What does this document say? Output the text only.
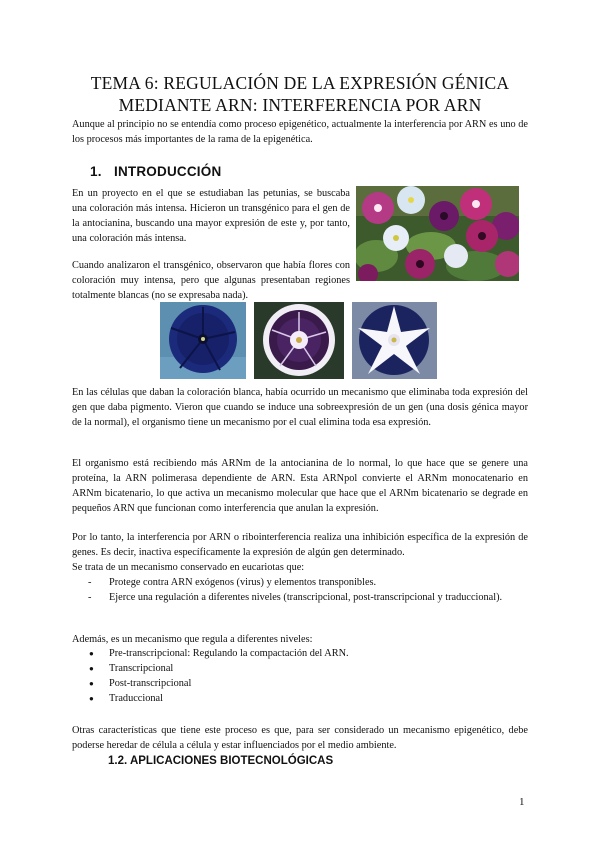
TEMA 6: REGULACIÓN DE LA EXPRESIÓN GÉNICA
MEDIANTE ARN: INTERFERENCIA POR ARN
Aunque al principio no se entendía como proceso epigenético, actualmente la interferencia por ARN es uno de los procesos más importantes de la rama de la epigenética.
1. INTRODUCCIÓN
En un proyecto en el que se estudiaban las petunias, se buscaba una coloración más intensa. Hicieron un transgénico para el gen de la antocianina, buscando una mayor expresión de este y, por tanto, una coloración más intensa.
Cuando analizaron el transgénico, observaron que había flores con coloración muy intensa, pero que algunas presentaban regiones totalmente blancas (no se expresaba nada).
En las células que daban la coloración blanca, había ocurrido un mecanismo que eliminaba toda expresión del gen que daba pigmento. Vieron que cuando se induce una sobreexpresión de un gen (una dosis génica mayor de la normal), el organismo tiene un mecanismo por el cual elimina toda esa expresión.
El organismo está recibiendo más ARNm de la antocianina de lo normal, lo que hace que se genere una proteína, la ARN polimerasa dependiente de ARN. Esta ARNpol convierte el ARNm monocatenario en ARNm bicatenario, lo que activa un mecanismo molecular que hace que el ARNm bicatenario se degrade en pequeños ARN que funcionan como interferencia que anulan la expresión.
Por lo tanto, la interferencia por ARN o ribointerferencia realiza una inhibición específica de la expresión de genes. Es decir, inactiva específicamente la expresión de algún gen determinado.
Se trata de un mecanismo conservado en eucariotas que:
- Protege contra ARN exógenos (virus) y elementos transponibles.
- Ejerce una regulación a diferentes niveles (transcripcional, post-transcripcional y traduccional).
Además, es un mecanismo que regula a diferentes niveles:
● Pre-transcripcional: Regulando la compactación del ARN.
● Transcripcional
● Post-transcripcional
● Traduccional
Otras características que tiene este proceso es que, para ser considerado un mecanismo epigenético, debe poderse heredar de célula a célula y estar influenciados por el medio ambiente.
1.2. APLICACIONES BIOTECNOLÓGICAS
1
